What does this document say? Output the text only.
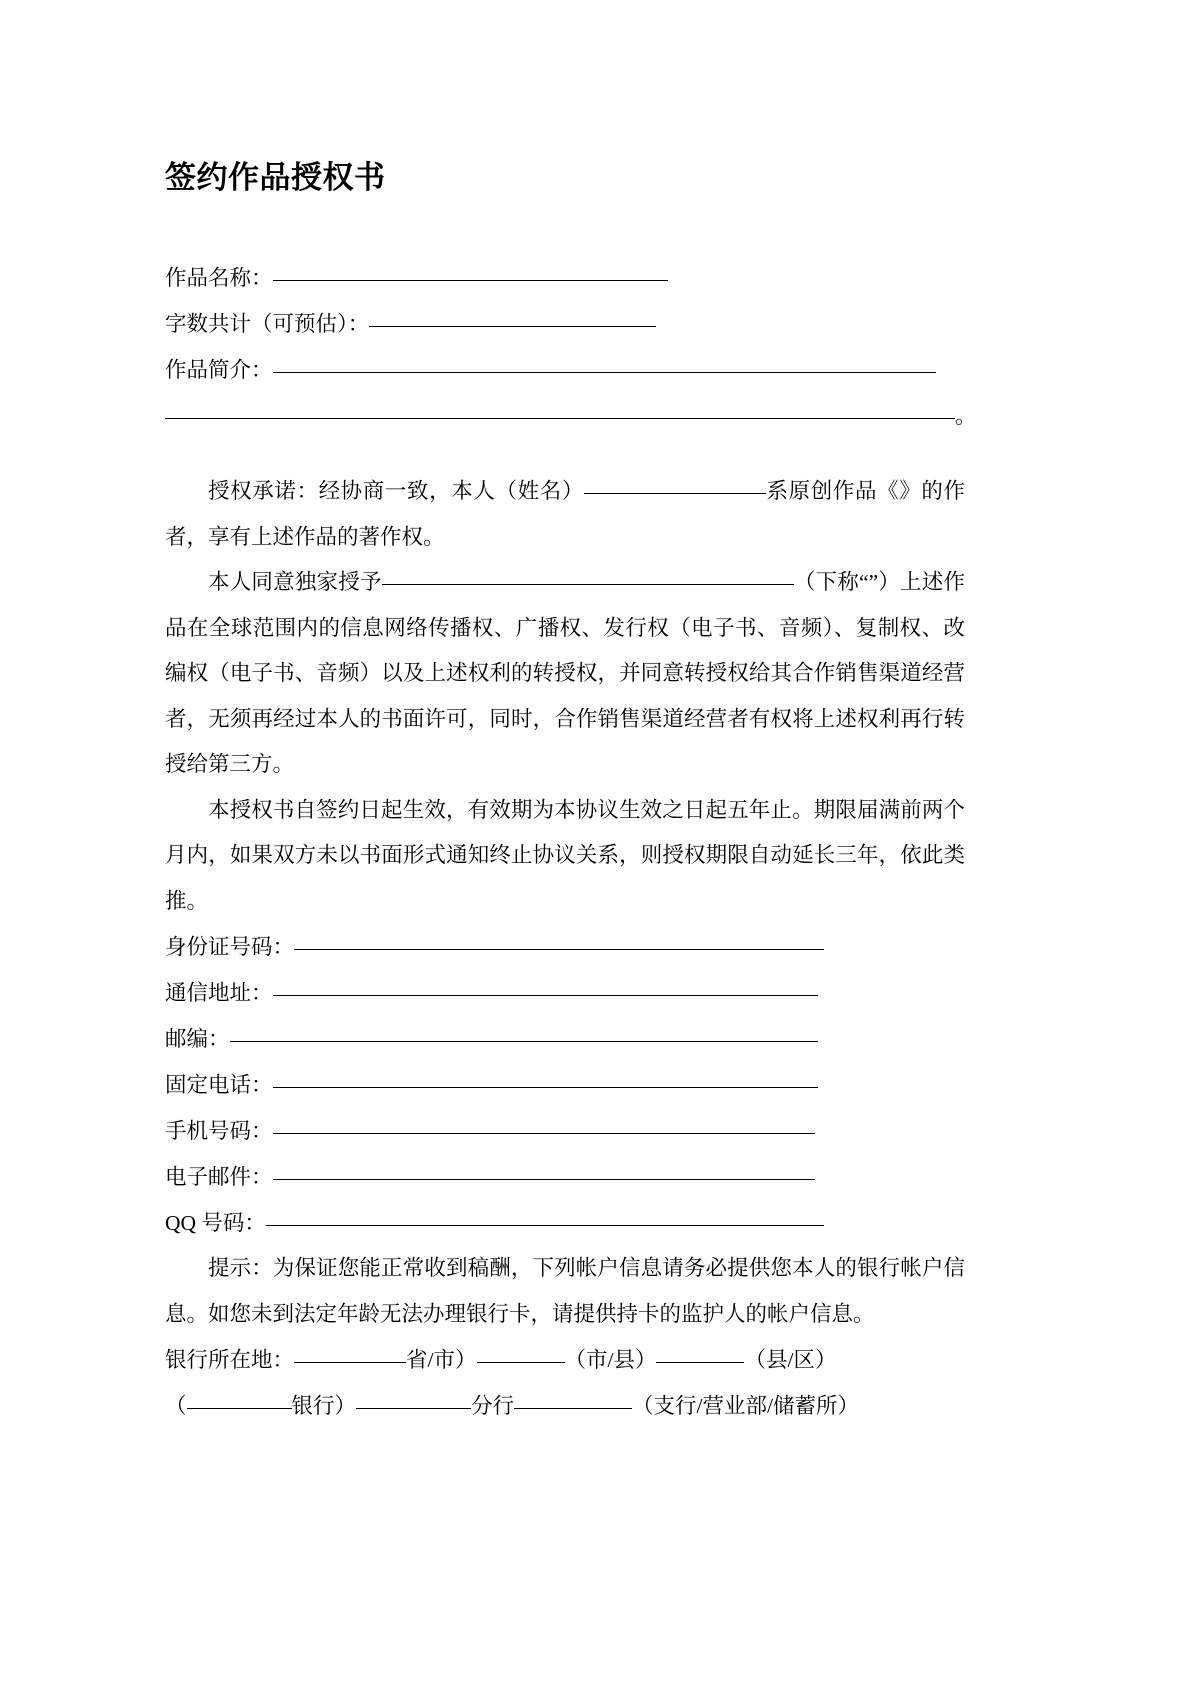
签约作品授权书
作品名称：
字数共计（可预估）：
作品简介：
。

授权承诺：经协商一致，本人（姓名）	系原创作品《》的作者，享有上述作品的著作权。

本人同意独家授予	（下称“”）上述作品在全球范围内的信息网络传播权、广播权、发行权（电子书、音频）、复制权、改编权（电子书、音频）以及上述权利的转授权，并同意转授权给其合作销售渠道经营者，无须再经过本人的书面许可，同时，合作销售渠道经营者有权将上述权利再行转授给第三方。

本授权书自签约日起生效，有效期为本协议生效之日起五年止。期限届满前两个月内，如果双方未以书面形式通知终止协议关系，则授权期限自动延长三年，依此类推。

身份证号码：
通信地址：
邮编：
固定电话：
手机号码：
电子邮件：
QQ 号码：

提示：为保证您能正常收到稿酬，下列帐户信息请务必提供您本人的银行帐户信息。如您未到法定年龄无法办理银行卡，请提供持卡的监护人的帐户信息。

银行所在地：	省/市）	（市/县）	（县/区）
（	银行）	分行	（支行/营业部/储蓄所）
